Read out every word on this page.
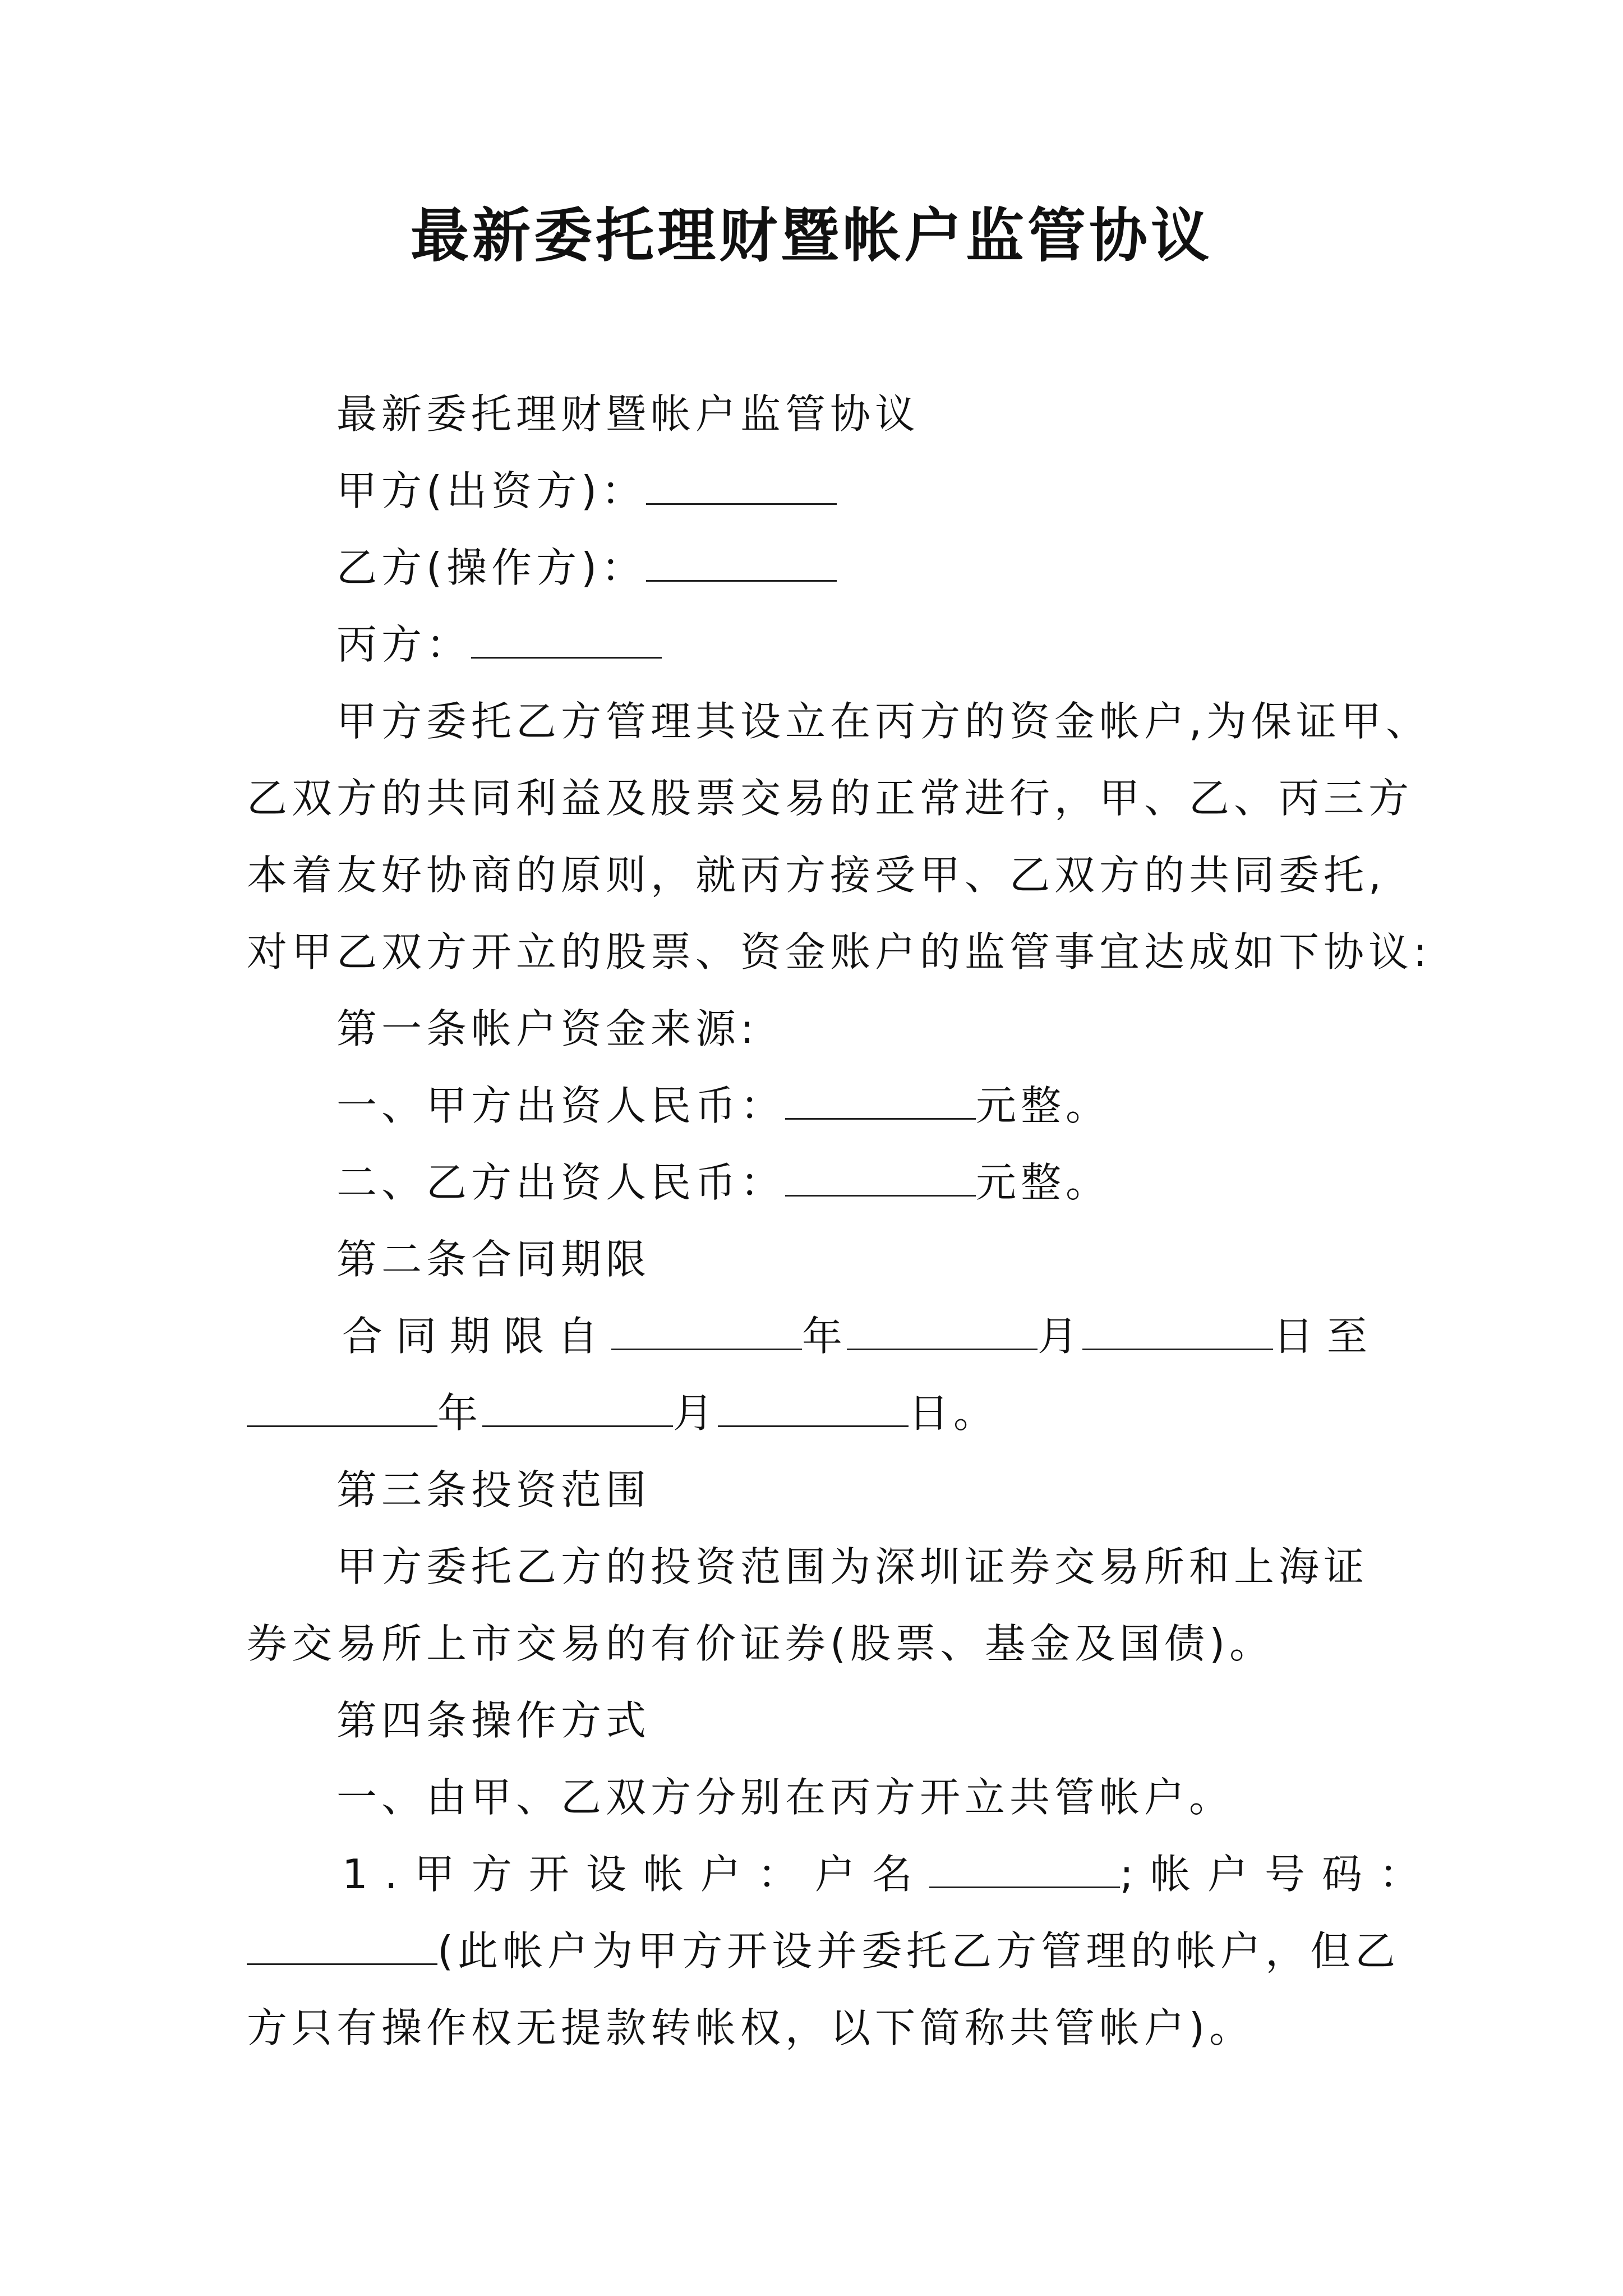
最新委托理财暨帐户监管协议

最新委托理财暨帐户监管协议

甲方(出资方)：

乙方(操作方)：

丙方：

甲方委托乙方管理其设立在丙方的资金帐户,为保证甲、

乙双方的共同利益及股票交易的正常进行，甲、乙、丙三方

本着友好协商的原则，就丙方接受甲、乙双方的共同委托,

对甲乙双方开立的股票、资金账户的监管事宜达成如下协议:

第一条帐户资金来源:

一、甲方出资人民币：	元整。

二、乙方出资人民币：	元整。

第二条合同期限

合同期限自	年	月	日至

年	月	日。

第三条投资范围

甲方委托乙方的投资范围为深圳证券交易所和上海证

券交易所上市交易的有价证券(股票、基金及国债)。

第四条操作方式

一、由甲、乙双方分别在丙方开立共管帐户。

1.甲方开设帐户：户名	;帐户号码：

(此帐户为甲方开设并委托乙方管理的帐户，但乙

方只有操作权无提款转帐权，以下简称共管帐户)。
